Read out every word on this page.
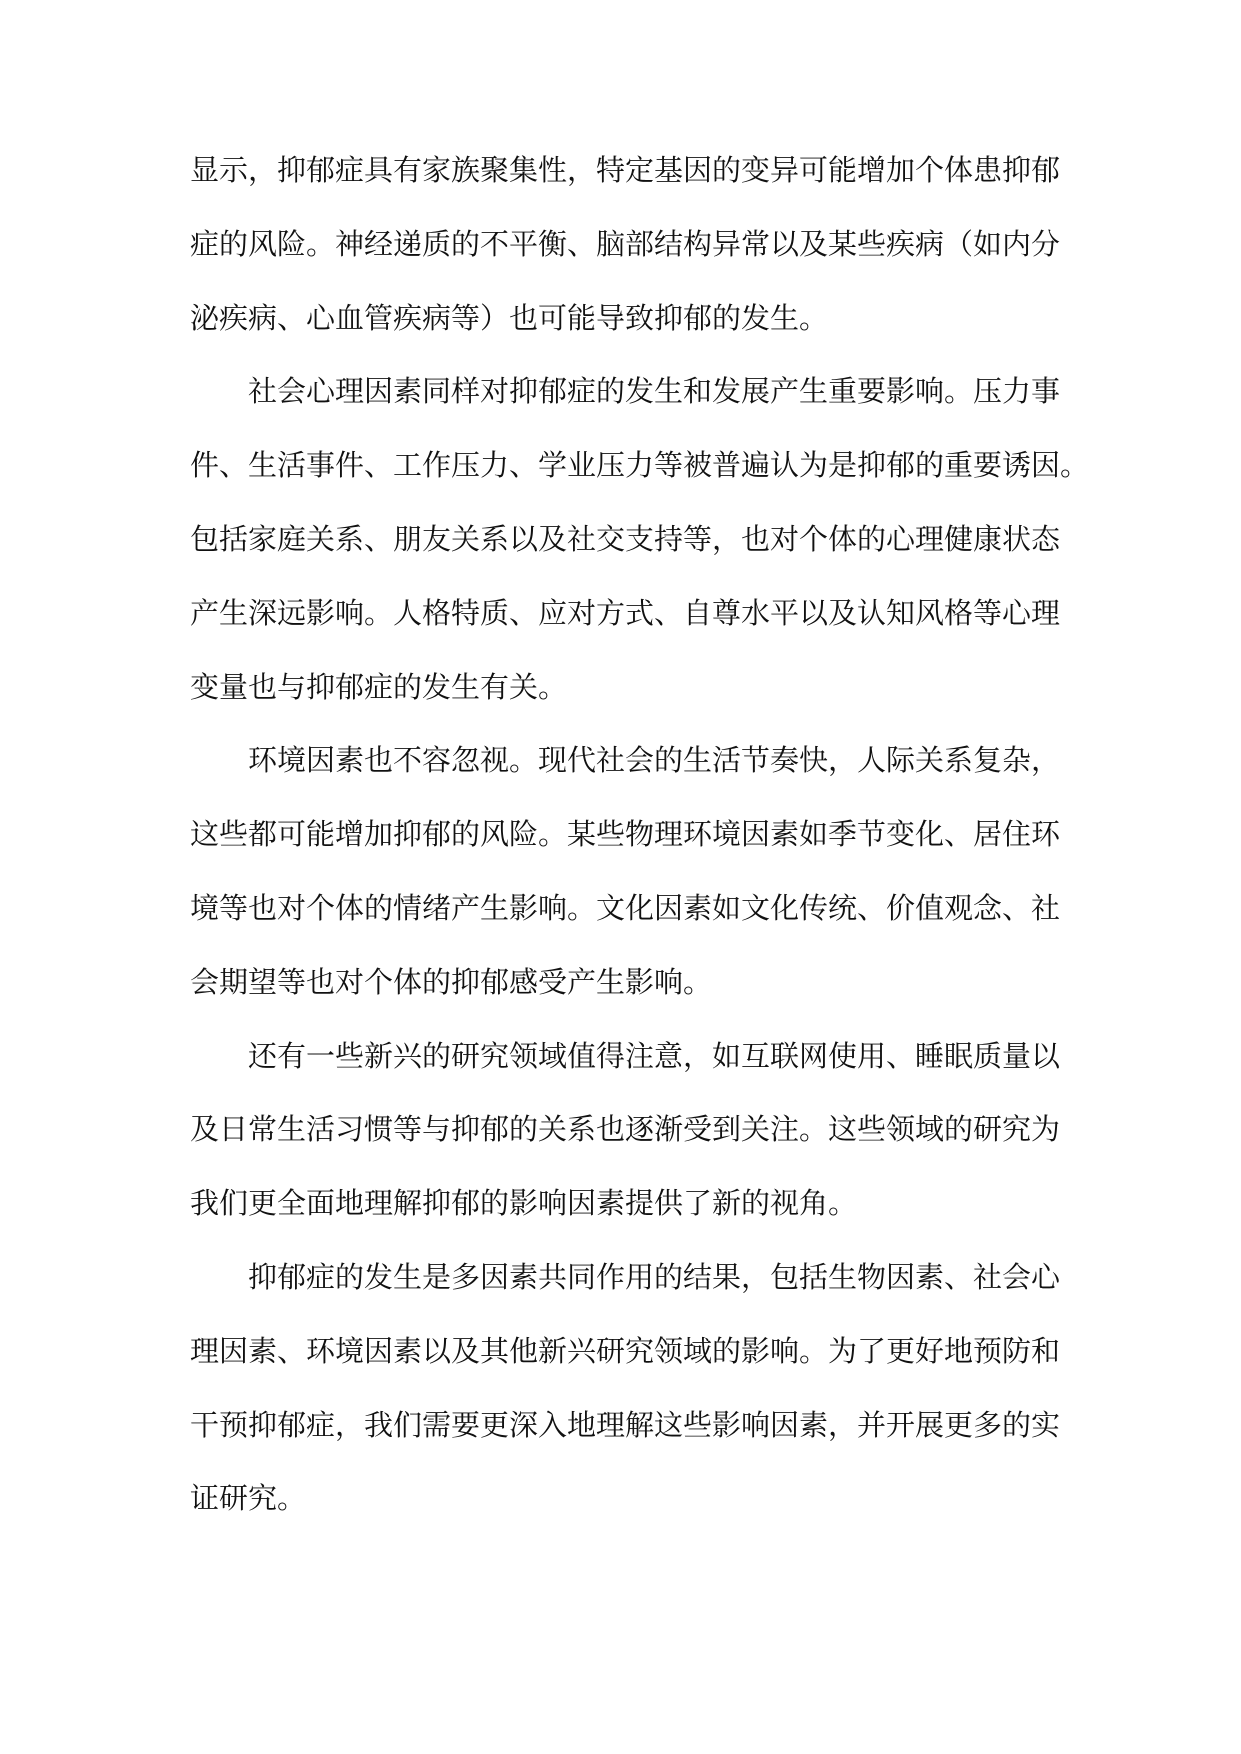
显示，抑郁症具有家族聚集性，特定基因的变异可能增加个体患抑郁
症的风险。神经递质的不平衡、脑部结构异常以及某些疾病（如内分
泌疾病、心血管疾病等）也可能导致抑郁的发生。

社会心理因素同样对抑郁症的发生和发展产生重要影响。压力事
件、生活事件、工作压力、学业压力等被普遍认为是抑郁的重要诱因。
包括家庭关系、朋友关系以及社交支持等，也对个体的心理健康状态
产生深远影响。人格特质、应对方式、自尊水平以及认知风格等心理
变量也与抑郁症的发生有关。

环境因素也不容忽视。现代社会的生活节奏快，人际关系复杂，
这些都可能增加抑郁的风险。某些物理环境因素如季节变化、居住环
境等也对个体的情绪产生影响。文化因素如文化传统、价值观念、社
会期望等也对个体的抑郁感受产生影响。

还有一些新兴的研究领域值得注意，如互联网使用、睡眠质量以
及日常生活习惯等与抑郁的关系也逐渐受到关注。这些领域的研究为
我们更全面地理解抑郁的影响因素提供了新的视角。

抑郁症的发生是多因素共同作用的结果，包括生物因素、社会心
理因素、环境因素以及其他新兴研究领域的影响。为了更好地预防和
干预抑郁症，我们需要更深入地理解这些影响因素，并开展更多的实
证研究。
